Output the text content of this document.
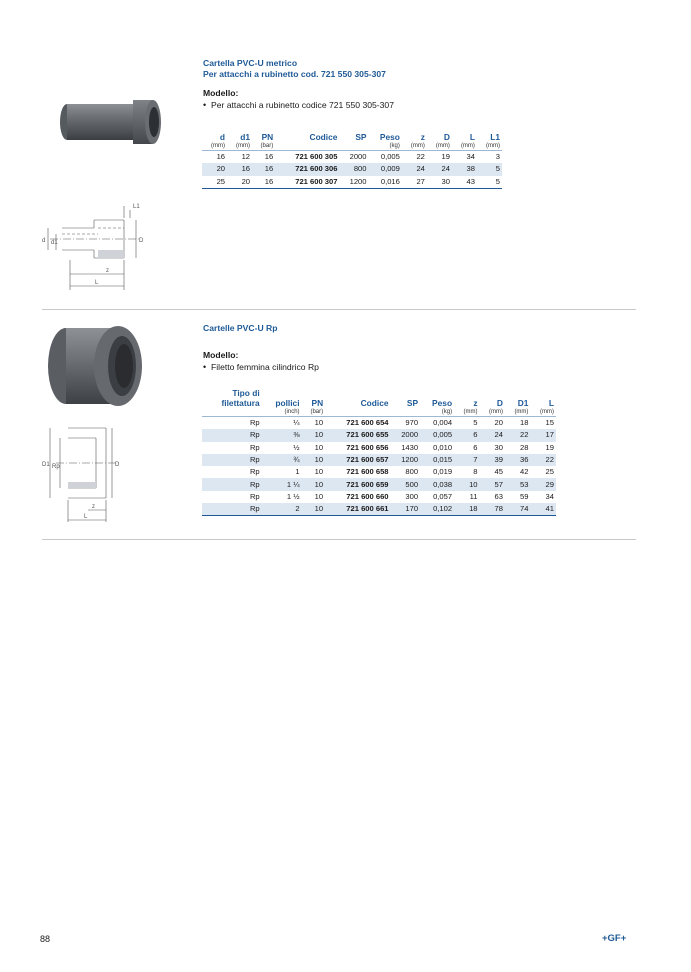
d d1	D
L1
z
L
Cartella PVC-U metrico
Per attacchi a rubinetto cod. 721 550 305-307
Modello:
• Per attacchi a rubinetto codice 721 550 305-307
d	d1	PN	Codice	SP	Peso	z	D	L	L1
(mm)	(mm)	(bar)			(kg)	(mm)	(mm)	(mm)	(mm)
16	12	16	721 600 305	2000	0,005	22	19	34	3
20	16	16	721 600 306	800	0,009	24	24	38	5
25	20	16	721 600 307	1200	0,016	27	30	43	5
D1 Rp	D
z
L
Cartelle PVC-U Rp
Modello:
• Filetto femmina cilindrico Rp
Tipo di
filettatura	pollici	PN	Codice	SP	Peso	z	D	D1	L
	(inch)	(bar)			(kg)	(mm)	(mm)	(mm)	(mm)
Rp	¼	10	721 600 654	970	0,004	5	20	18	15
Rp	⅜	10	721 600 655	2000	0,005	6	24	22	17
Rp	½	10	721 600 656	1430	0,010	6	30	28	19
Rp	¾	10	721 600 657	1200	0,015	7	39	36	22
Rp	1	10	721 600 658	800	0,019	8	45	42	25
Rp	1 ¼	10	721 600 659	500	0,038	10	57	53	29
Rp	1 ½	10	721 600 660	300	0,057	11	63	59	34
Rp	2	10	721 600 661	170	0,102	18	78	74	41
88	+GF+
